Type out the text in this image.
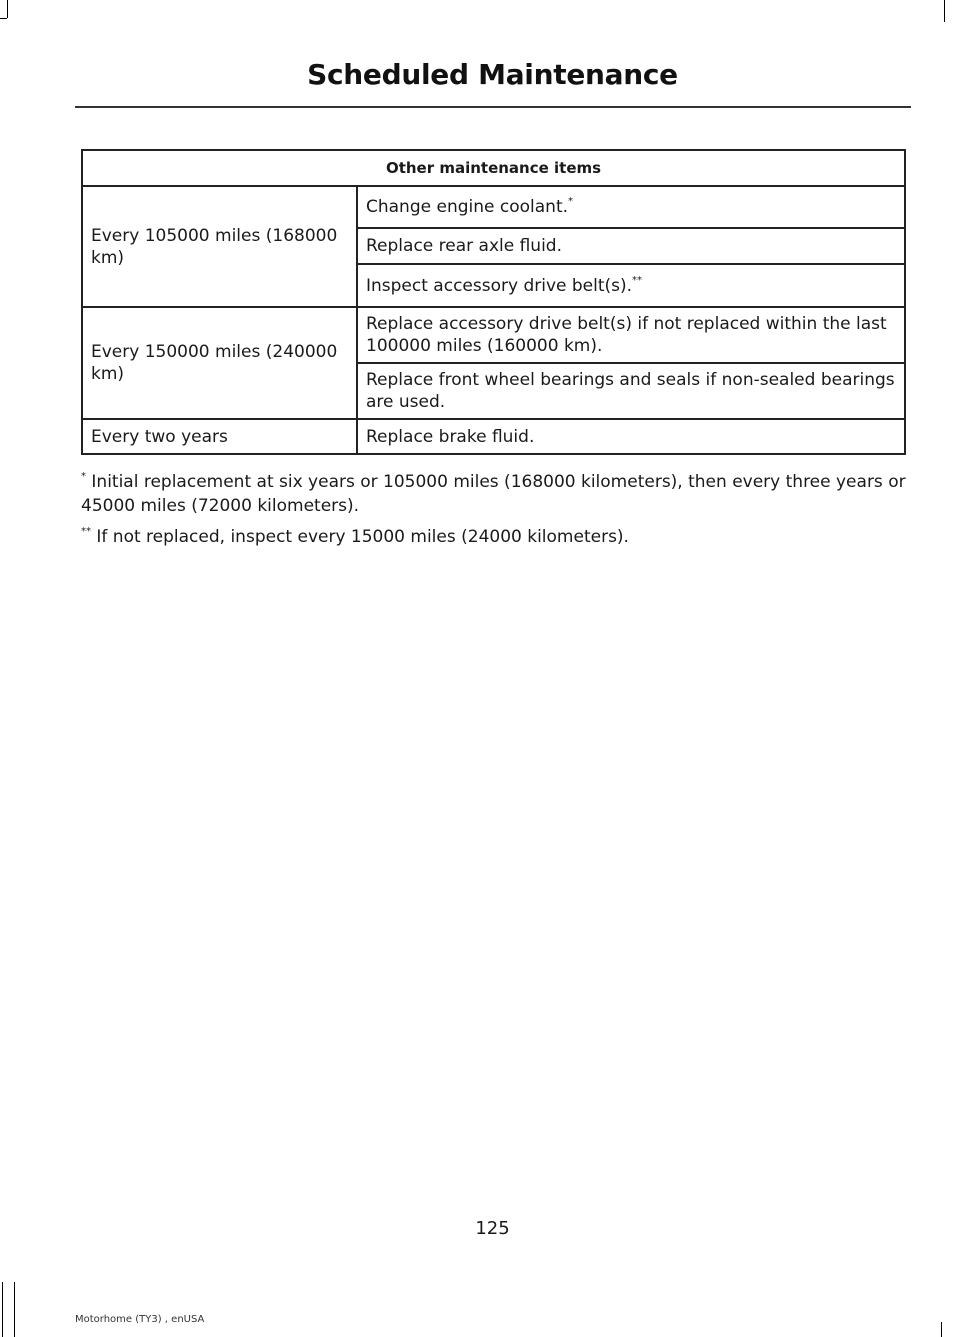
Scheduled Maintenance
Other maintenance items	
Every 105000 miles (168000 km)	Change engine coolant.*
	Replace rear axle fluid.
	Inspect accessory drive belt(s).**
Every 150000 miles (240000 km)	Replace accessory drive belt(s) if not replaced within the last 100000 miles (160000 km).
	Replace front wheel bearings and seals if non-sealed bearings are used.
Every two years	Replace brake fluid.

* Initial replacement at six years or 105000 miles (168000 kilometers), then every three years or 45000 miles (72000 kilometers).

** If not replaced, inspect every 15000 miles (24000 kilometers).

125
Motorhome (TY3) , enUSA
